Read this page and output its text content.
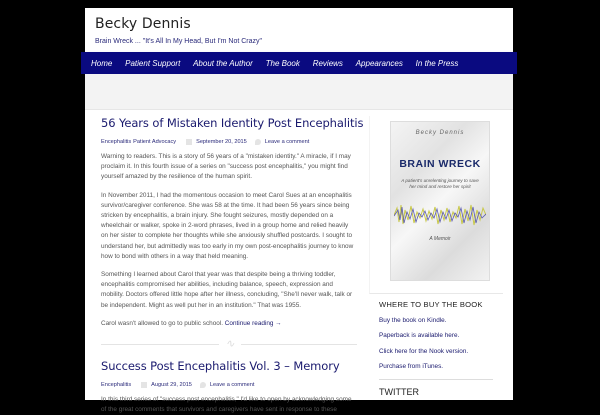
Becky Dennis
Brain Wreck ... "It's All In My Head, But I'm Not Crazy"
Home Patient Support About the Author The Book Reviews Appearances In the Press
56 Years of Mistaken Identity Post Encephalitis
Encephalitis Patient Advocacy	September 20, 2015	Leave a comment

Warning to readers. This is a story of 56 years of a "mistaken identity." A miracle, if I may proclaim it. In this fourth issue of a series on "success post encephalitis," you might find yourself amazed by the resilience of the human spirit.

In November 2011, I had the momentous occasion to meet Carol Sues at an encephalitis survivor/caregiver conference. She was 58 at the time. It had been 56 years since being stricken by encephalitis, a brain injury. She fought seizures, mostly depended on a wheelchair or walker, spoke in 2-word phrases, lived in a group home and relied heavily on her sister to complete her thoughts while she anxiously shuffled postcards. I sought to understand her, but admittedly was too early in my own post-encephalitis journey to know how to bond with others in a way that held meaning.

Something I learned about Carol that year was that despite being a thriving toddler, encephalitis compromised her abilities, including balance, speech, expression and mobility. Doctors offered little hope after her illness, concluding, "She'll never walk, talk or be independent. Might as well put her in an institution." That was 1955.

Carol wasn't allowed to go to public school. Continue reading →

∿
Success Post Encephalitis Vol. 3 – Memory
Encephalitis	August 29, 2015	Leave a comment

In this third series of "success post encephalitis," I'd like to open by acknowledging some of the great comments that survivors and caregivers have sent in response to these

Becky Dennis
BRAIN WRECK
A patient's unrelenting journey to save her mind and restore her spirit
A Memoir
WHERE TO BUY THE BOOK
Buy the book on Kindle.
Paperback is available here.
Click here for the Nook version.
Purchase from iTunes.
TWITTER
